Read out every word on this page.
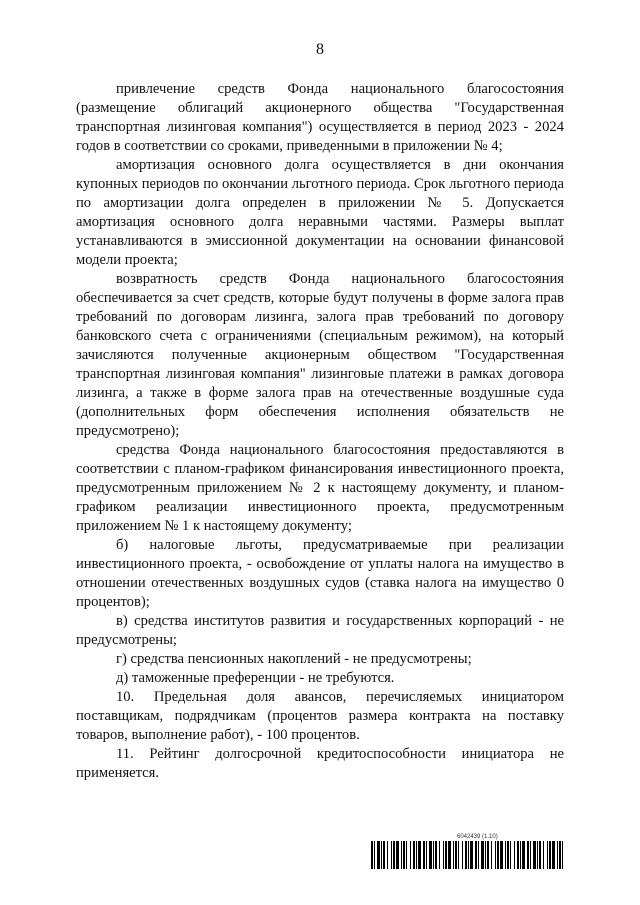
8

привлечение средств Фонда национального благосостояния (размещение облигаций акционерного общества "Государственная транспортная лизинговая компания") осуществляется в период 2023 - 2024 годов в соответствии со сроками, приведенными в приложении № 4;

амортизация основного долга осуществляется в дни окончания купонных периодов по окончании льготного периода. Срок льготного периода по амортизации долга определен в приложении № 5. Допускается амортизация основного долга неравными частями. Размеры выплат устанавливаются в эмиссионной документации на основании финансовой модели проекта;

возвратность средств Фонда национального благосостояния обеспечивается за счет средств, которые будут получены в форме залога прав требований по договорам лизинга, залога прав требований по договору банковского счета с ограничениями (специальным режимом), на который зачисляются полученные акционерным обществом "Государственная транспортная лизинговая компания" лизинговые платежи в рамках договора лизинга, а также в форме залога прав на отечественные воздушные суда (дополнительных форм обеспечения исполнения обязательств не предусмотрено);

средства Фонда национального благосостояния предоставляются в соответствии с планом-графиком финансирования инвестиционного проекта, предусмотренным приложением № 2 к настоящему документу, и планом-графиком реализации инвестиционного проекта, предусмотренным приложением № 1 к настоящему документу;

б) налоговые льготы, предусматриваемые при реализации инвестиционного проекта, - освобождение от уплаты налога на имущество в отношении отечественных воздушных судов (ставка налога на имущество 0 процентов);

в) средства институтов развития и государственных корпораций - не предусмотрены;

г) средства пенсионных накоплений - не предусмотрены;

д) таможенные преференции - не требуются.

10. Предельная доля авансов, перечисляемых инициатором поставщикам, подрядчикам (процентов размера контракта на поставку товаров, выполнение работ), - 100 процентов.

11. Рейтинг долгосрочной кредитоспособности инициатора не применяется.

6042439 (1.10)
